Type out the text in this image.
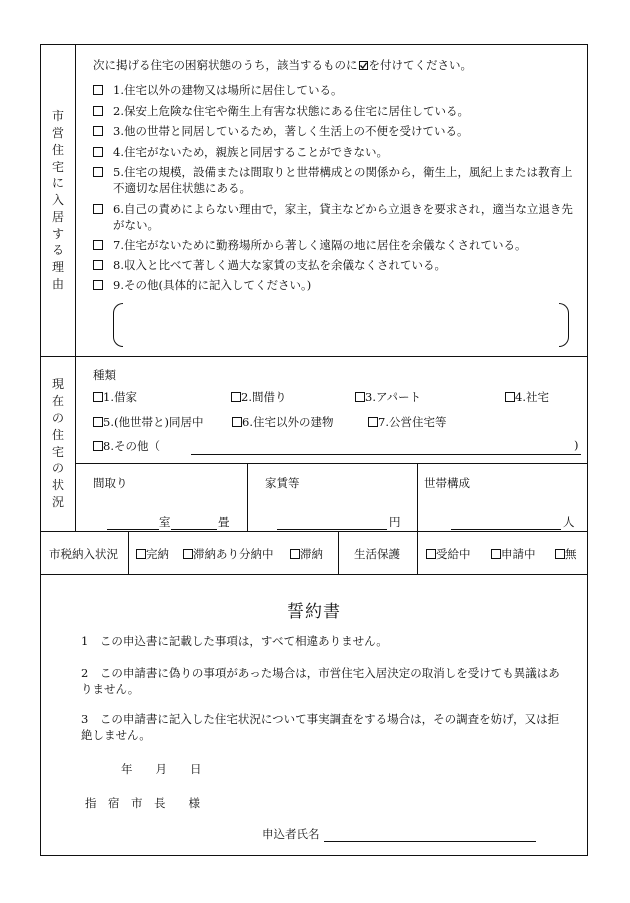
市
営
住
宅
に
入
居
す
る
理
由
次に掲げる住宅の困窮状態のうち，該当するものに を付けてください。
1.住宅以外の建物又は場所に居住している。
2.保安上危険な住宅や衛生上有害な状態にある住宅に居住している。
3.他の世帯と同居しているため，著しく生活上の不便を受けている。
4.住宅がないため，親族と同居することができない。
5.住宅の規模，設備または間取りと世帯構成との関係から，衛生上，風紀上または教育上不適切な居住状態にある。
6.自己の責めによらない理由で，家主，貸主などから立退きを要求され，適当な立退き先がない。
7.住宅がないために勤務場所から著しく遠隔の地に居住を余儀なくされている。
8.収入と比べて著しく過大な家賃の支払を余儀なくされている。
9.その他(具体的に記入してください。)
現
在
の
住
宅
の
状
況
種類
1.借家	2.間借り	3.アパート	4.社宅
5.(他世帯と)同居中	6.住宅以外の建物	7.公営住宅等
8.その他（	)
間取り	家賃等	世帯構成
室	畳	円	人
市税納入状況	完納	滞納あり分納中	滞納	生活保護	受給中	申請中	無
誓約書
1　この申込書に記載した事項は，すべて相違ありません。
2　この申請書に偽りの事項があった場合は，市営住宅入居決定の取消しを受けても異議はありません。
3　この申請書に記入した住宅状況について事実調査をする場合は，その調査を妨げ，又は拒絶しません。
年　　月　　日
指　宿　市　長　　様
申込者氏名
